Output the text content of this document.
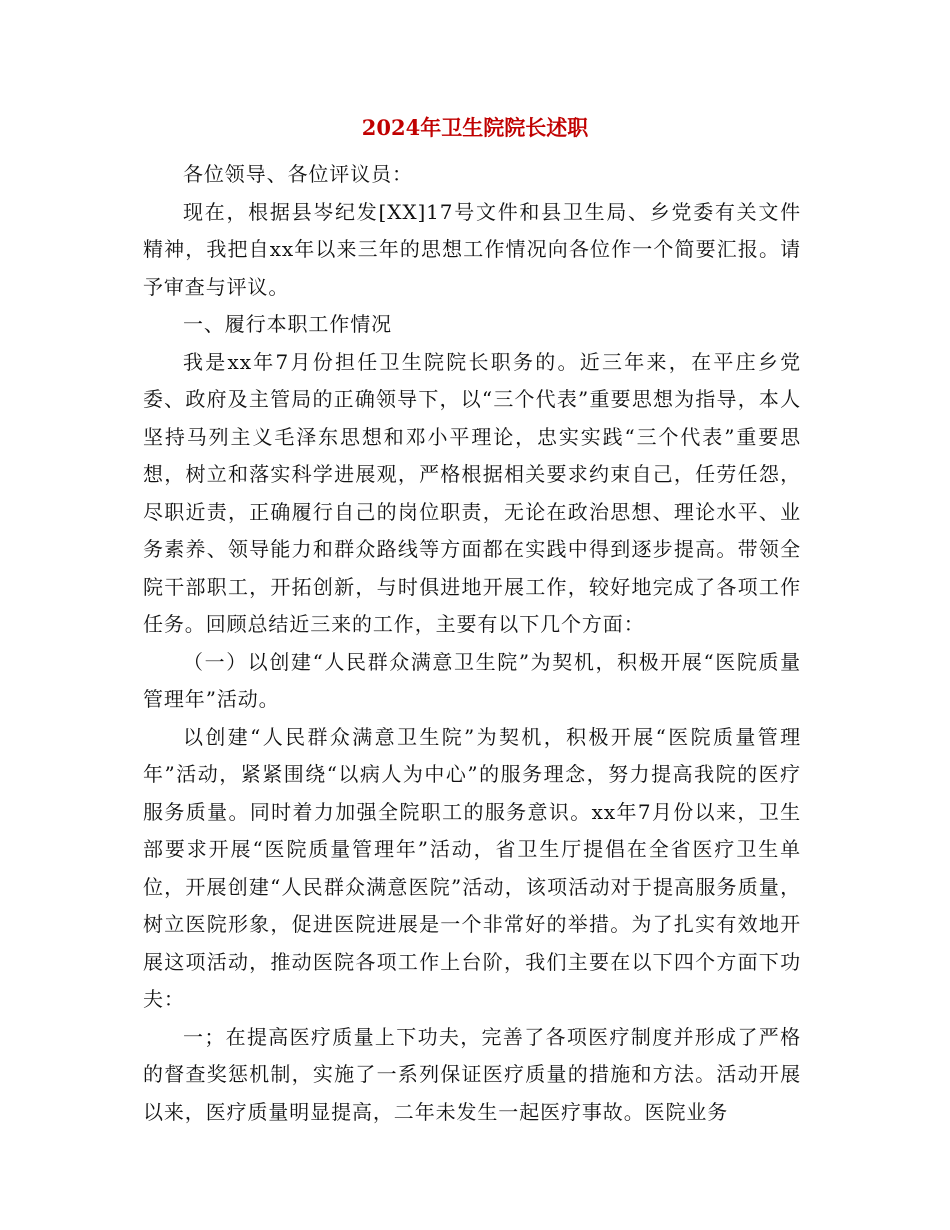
2024年卫生院院长述职

各位领导、各位评议员：

现在，根据县岑纪发[XX]17号文件和县卫生局、乡党委有关文件精神，我把自xx年以来三年的思想工作情况向各位作一个简要汇报。请予审查与评议。

一、履行本职工作情况

我是xx年7月份担任卫生院院长职务的。近三年来，在平庄乡党委、政府及主管局的正确领导下，以“三个代表”重要思想为指导，本人坚持马列主义毛泽东思想和邓小平理论，忠实实践“三个代表”重要思想，树立和落实科学进展观，严格根据相关要求约束自己，任劳任怨，尽职近责，正确履行自己的岗位职责，无论在政治思想、理论水平、业务素养、领导能力和群众路线等方面都在实践中得到逐步提高。带领全院干部职工，开拓创新，与时俱进地开展工作，较好地完成了各项工作任务。回顾总结近三来的工作，主要有以下几个方面：

（一）以创建“人民群众满意卫生院”为契机，积极开展“医院质量管理年”活动。

以创建“人民群众满意卫生院”为契机，积极开展“医院质量管理年”活动，紧紧围绕“以病人为中心”的服务理念，努力提高我院的医疗服务质量。同时着力加强全院职工的服务意识。xx年7月份以来，卫生部要求开展“医院质量管理年”活动，省卫生厅提倡在全省医疗卫生单位，开展创建“人民群众满意医院”活动，该项活动对于提高服务质量，树立医院形象，促进医院进展是一个非常好的举措。为了扎实有效地开展这项活动，推动医院各项工作上台阶，我们主要在以下四个方面下功夫：

一；在提高医疗质量上下功夫，完善了各项医疗制度并形成了严格的督查奖惩机制，实施了一系列保证医疗质量的措施和方法。活动开展以来，医疗质量明显提高，二年未发生一起医疗事故。医院业务
